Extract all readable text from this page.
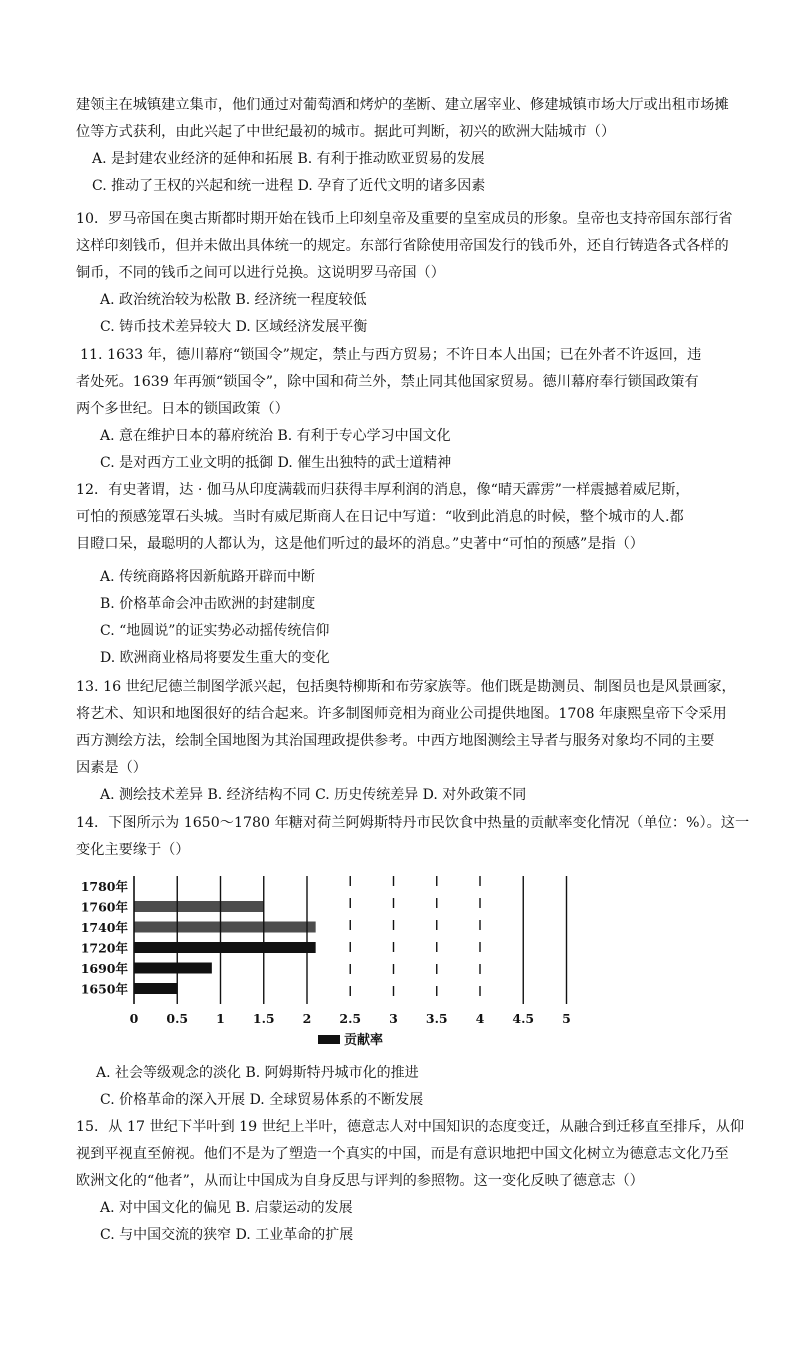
建领主在城镇建立集市，他们通过对葡萄酒和烤炉的垄断、建立屠宰业、修建城镇市场大厅或出租市场摊
位等方式获利，由此兴起了中世纪最初的城市。据此可判断，初兴的欧洲大陆城市（）
A. 是封建农业经济的延伸和拓展 B. 有利于推动欧亚贸易的发展
C. 推动了王权的兴起和统一进程 D. 孕育了近代文明的诸多因素
10．罗马帝国在奥古斯都时期开始在钱币上印刻皇帝及重要的皇室成员的形象。皇帝也支持帝国东部行省
这样印刻钱币，但并未做出具体统一的规定。东部行省除使用帝国发行的钱币外，还自行铸造各式各样的
铜币，不同的钱币之间可以进行兑换。这说明罗马帝国（）
A. 政治统治较为松散 B. 经济统一程度较低
C. 铸币技术差异较大 D. 区域经济发展平衡
11. 1633 年，德川幕府“锁国令”规定，禁止与西方贸易；不许日本人出国；已在外者不许返回，违
者处死。1639 年再颁“锁国令”，除中国和荷兰外，禁止同其他国家贸易。德川幕府奉行锁国政策有
两个多世纪。日本的锁国政策（）
A. 意在维护日本的幕府统治 B. 有利于专心学习中国文化
C. 是对西方工业文明的抵御 D. 催生出独特的武士道精神
12．有史著谓，达 · 伽马从印度满载而归获得丰厚利润的消息，像“晴天霹雳”一样震撼着威尼斯，
可怕的预感笼罩石头城。当时有威尼斯商人在日记中写道：“收到此消息的时候，整个城市的人.都
目瞪口呆，最聪明的人都认为，这是他们听过的最坏的消息。”史著中“可怕的预感”是指（）
A. 传统商路将因新航路开辟而中断
B. 价格革命会冲击欧洲的封建制度
C. “地圆说”的证实势必动摇传统信仰
D. 欧洲商业格局将要发生重大的变化
13. 16 世纪尼德兰制图学派兴起，包括奥特柳斯和布劳家族等。他们既是勘测员、制图员也是风景画家，
将艺术、知识和地图很好的结合起来。许多制图师竞相为商业公司提供地图。1708 年康熙皇帝下令采用
西方测绘方法，绘制全国地图为其治国理政提供参考。中西方地图测绘主导者与服务对象均不同的主要
因素是（）
A. 测绘技术差异 B. 经济结构不同 C. 历史传统差异 D. 对外政策不同
14．下图所示为 1650～1780 年糖对荷兰阿姆斯特丹市民饮食中热量的贡献率变化情况（单位：%）。这一
变化主要缘于（）
1780年
1760年
1740年
1720年
1690年
1650年
0 0.5 1 1.5 2 2.5 3 3.5 4 4.5 5
贡献率
A. 社会等级观念的淡化 B. 阿姆斯特丹城市化的推进
C. 价格革命的深入开展 D. 全球贸易体系的不断发展
15．从 17 世纪下半叶到 19 世纪上半叶，德意志人对中国知识的态度变迁，从融合到迁移直至排斥，从仰
视到平视直至俯视。他们不是为了塑造一个真实的中国，而是有意识地把中国文化树立为德意志文化乃至
欧洲文化的“他者”，从而让中国成为自身反思与评判的参照物。这一变化反映了德意志（）
A. 对中国文化的偏见 B. 启蒙运动的发展
C. 与中国交流的狭窄 D. 工业革命的扩展
